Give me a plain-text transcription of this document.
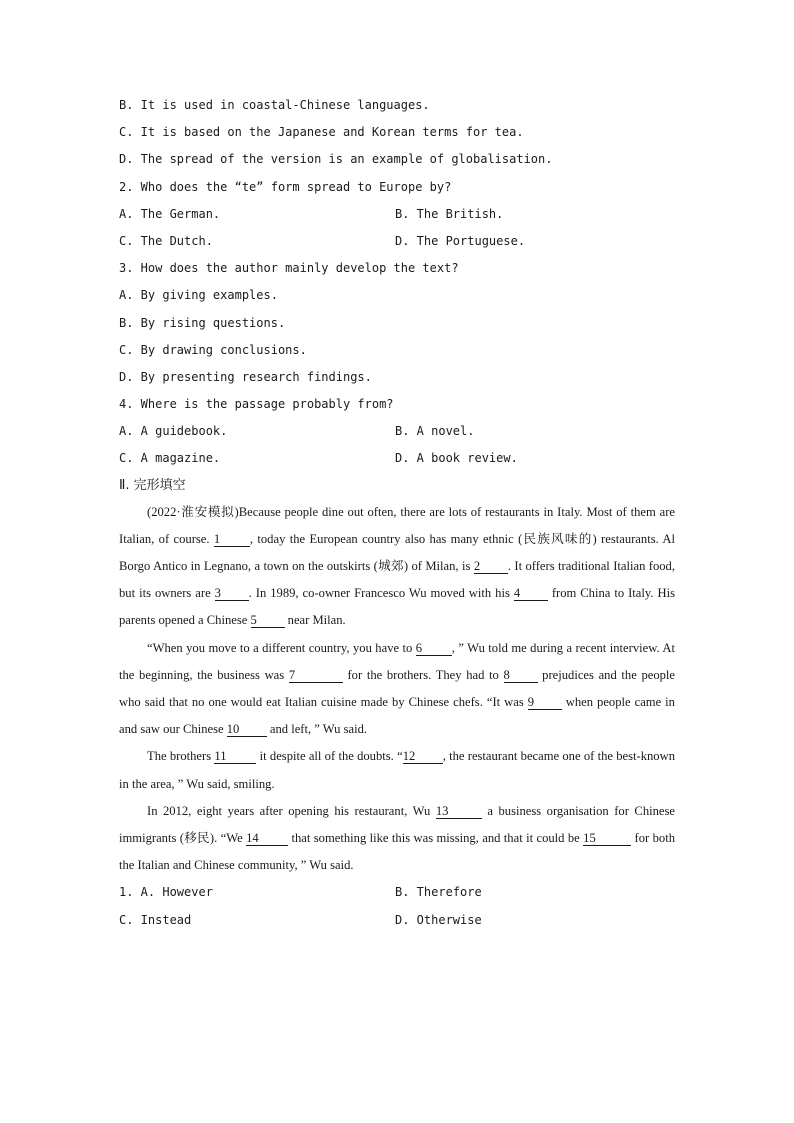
B. It is used in coastal-Chinese languages.
C. It is based on the Japanese and Korean terms for tea.
D. The spread of the version is an example of globalisation.
2. Who does the “te” form spread to Europe by?
A. The German.	B. The British.
C. The Dutch.	D. The Portuguese.
3. How does the author mainly develop the text?
A. By giving examples.
B. By rising questions.
C. By drawing conclusions.
D. By presenting research findings.
4. Where is the passage probably from?
A. A guidebook.	B. A novel.
C. A magazine.	D. A book review.
Ⅱ. 完形填空

(2022·淮安模拟)Because people dine out often, there are lots of restaurants in Italy. Most of them are Italian, of course. 1 , today the European country also has many ethnic (民族风味的) restaurants. Al Borgo Antico in Legnano, a town on the outskirts (城郊) of Milan, is 2 . It offers traditional Italian food, but its owners are 3 . In 1989, co-owner Francesco Wu moved with his 4 from China to Italy. His parents opened a Chinese 5 near Milan.

“When you move to a different country, you have to 6 , ” Wu told me during a recent interview. At the beginning, the business was 7	for the brothers. They had to 8 prejudices and the people who said that no one would eat Italian cuisine made by Chinese chefs. “It was 9 when people came in and saw our Chinese 10 and left, ” Wu said.

The brothers 11 it despite all of the doubts. “12 , the restaurant became one of the best-known in the area, ” Wu said, smiling.

In 2012, eight years after opening his restaurant, Wu 13	a business organisation for Chinese immigrants (移民). “We 14 that something like this was missing, and that it could be 15	for both the Italian and Chinese community, ” Wu said.

1. A. However	B. Therefore
C. Instead	D. Otherwise
